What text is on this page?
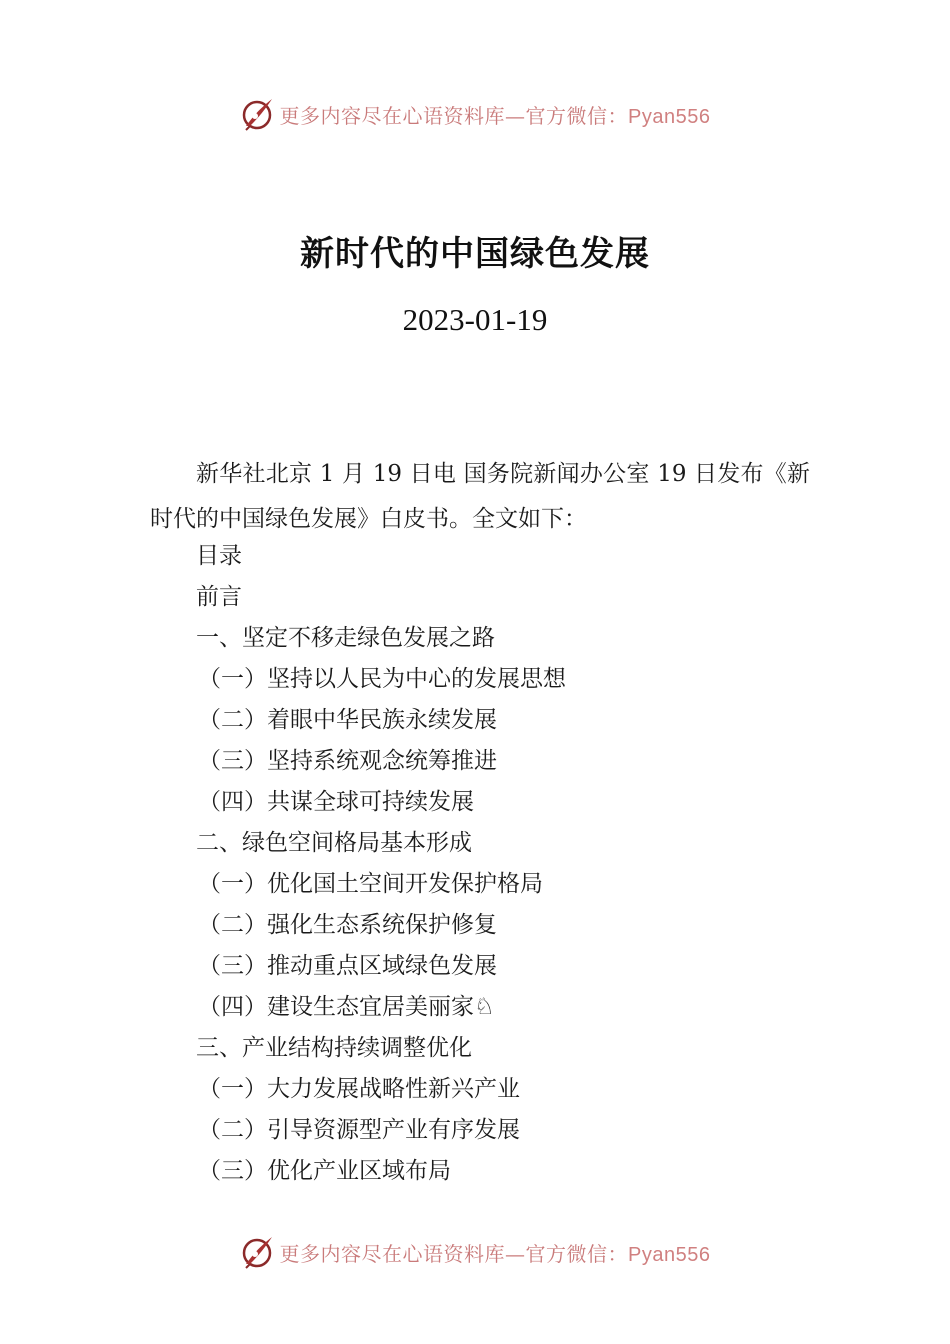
更多内容尽在心语资料库—官方微信：Pyan556
新时代的中国绿色发展
2023-01-19
新华社北京 1 月 19 日电 国务院新闻办公室 19 日发布《新时代的中国绿色发展》白皮书。全文如下：
目录
前言
一、坚定不移走绿色发展之路
（一）坚持以人民为中心的发展思想
（二）着眼中华民族永续发展
（三）坚持系统观念统筹推进
（四）共谋全球可持续发展
二、绿色空间格局基本形成
（一）优化国土空间开发保护格局
（二）强化生态系统保护修复
（三）推动重点区域绿色发展
（四）建设生态宜居美丽家♘
三、产业结构持续调整优化
（一）大力发展战略性新兴产业
（二）引导资源型产业有序发展
（三）优化产业区域布局
更多内容尽在心语资料库—官方微信：Pyan556
